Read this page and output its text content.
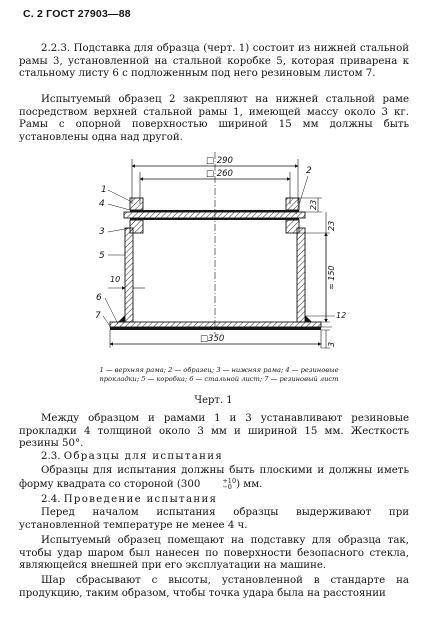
С. 2 ГОСТ 27903—88
2.2.3. Подставка для образца (черт. 1) состоит из нижней стальной рамы 3, установленной на стальной коробке 5, которая приварена к стальному листу 6 с подложенным под него резиновым листом 7.
Испытуемый образец 2 закрепляют на нижней стальной раме посредством верхней стальной рамы 1, имеющей массу около 3 кг. Рамы с опорной поверхностью шириной 15 мм должны быть установлены одна над другой.
□ 290
□ 260
23
23
≈ 150
12
3
10
□350
1
4
3
5
6
7
2
1 — верхняя рама; 2 — образец; 3 — нижняя рама; 4 — резиновые прокладки; 5 — коробка; 6 — стальной лист; 7 — резиновый лист
Черт. 1
Между образцом и рамами 1 и 3 устанавливают резиновые прокладки 4 толщиной около 3 мм и шириной 15 мм. Жесткость резины 50°.
2.3. Образцы для испытания
Образцы для испытания должны быть плоскими и должны иметь форму квадрата со стороной (300	+10
−0 ) мм.
2.4. Проведение испытания
Перед началом испытания образцы выдерживают при установленной температуре не менее 4 ч.
Испытуемый образец помещают на подставку для образца так, чтобы удар шаром был нанесен по поверхности безопасного стекла, являющейся внешней при его эксплуатации на машине.
Шар сбрасывают с высоты, установленной в стандарте на продукцию, таким образом, чтобы точка удара была на расстоянии
